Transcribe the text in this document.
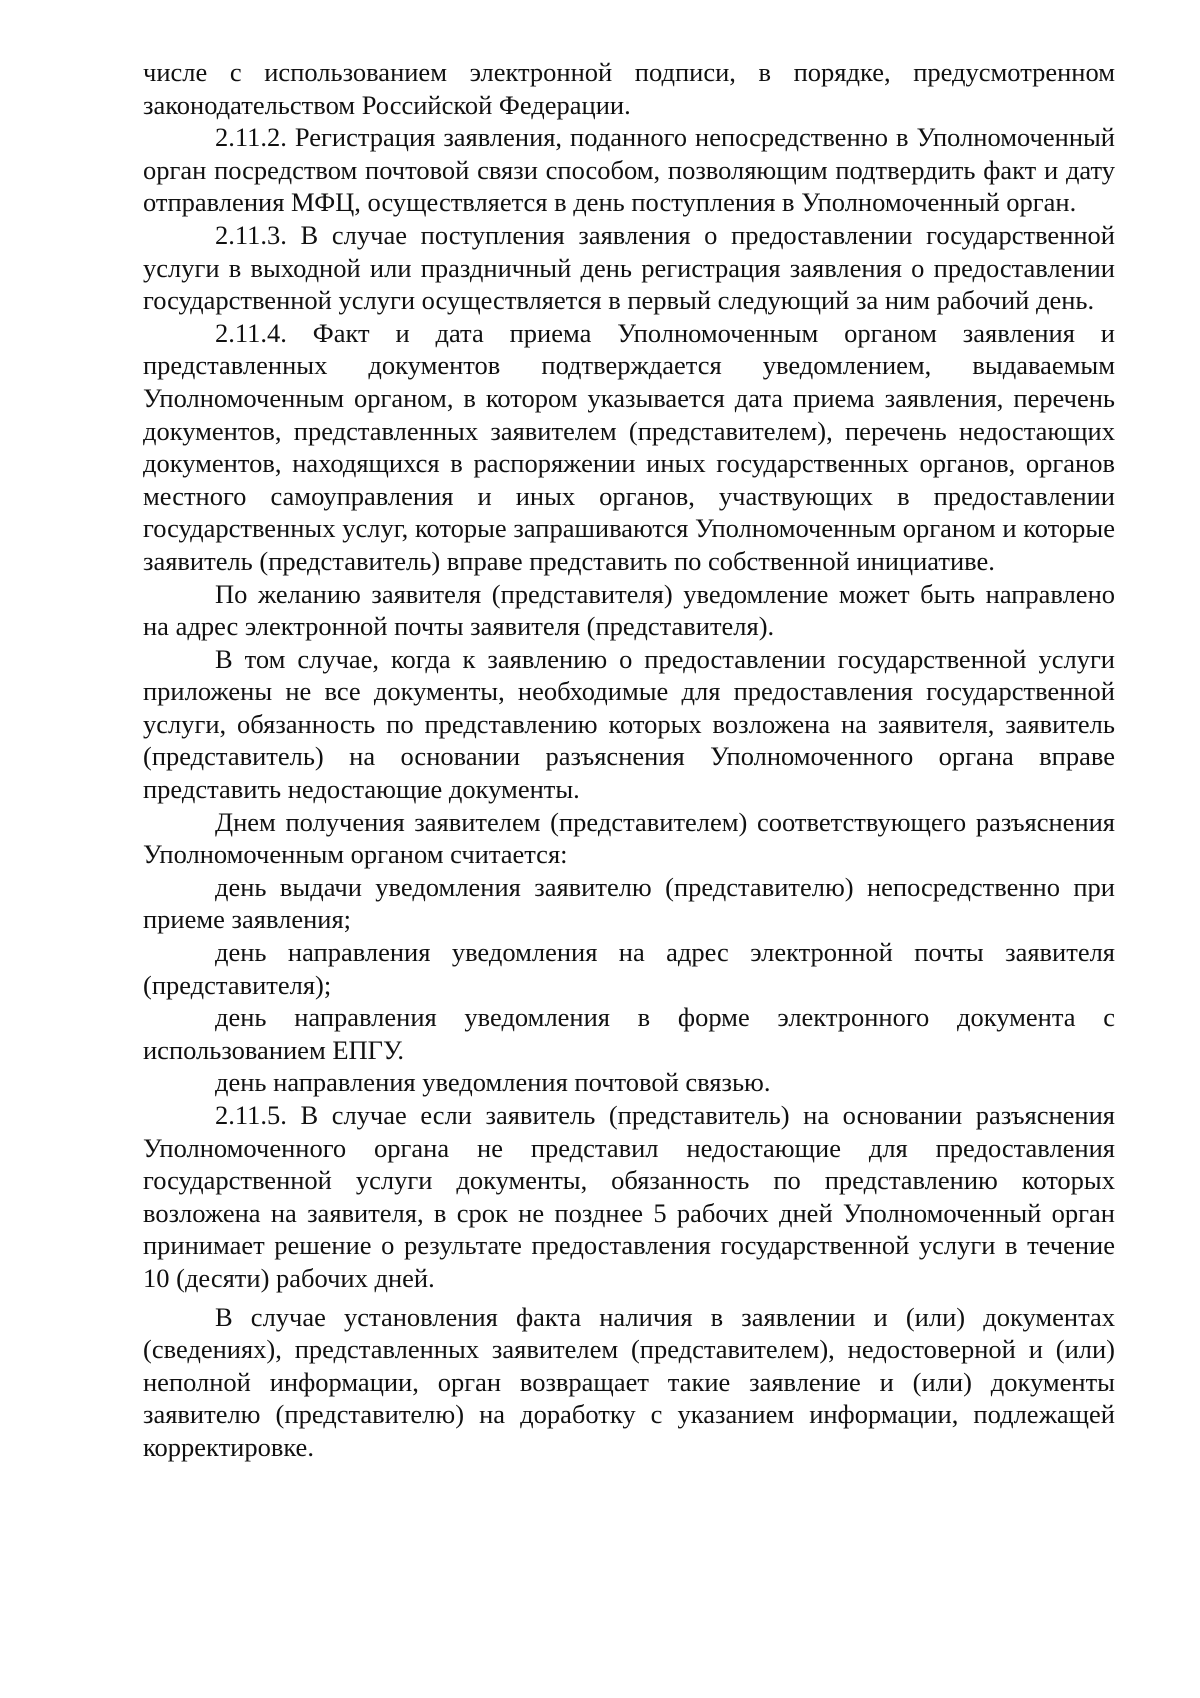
числе с использованием электронной подписи, в порядке, предусмотренном законодательством Российской Федерации.

2.11.2. Регистрация заявления, поданного непосредственно в Уполномоченный орган посредством почтовой связи способом, позволяющим подтвердить факт и дату отправления МФЦ, осуществляется в день поступления в Уполномоченный орган.

2.11.3. В случае поступления заявления о предоставлении государственной услуги в выходной или праздничный день регистрация заявления о предоставлении государственной услуги осуществляется в первый следующий за ним рабочий день.

2.11.4. Факт и дата приема Уполномоченным органом заявления и представленных документов подтверждается уведомлением, выдаваемым Уполномоченным органом, в котором указывается дата приема заявления, перечень документов, представленных заявителем (представителем), перечень недостающих документов, находящихся в распоряжении иных государственных органов, органов местного самоуправления и иных органов, участвующих в предоставлении государственных услуг, которые запрашиваются Уполномоченным органом и которые заявитель (представитель) вправе представить по собственной инициативе.

По желанию заявителя (представителя) уведомление может быть направлено на адрес электронной почты заявителя (представителя).

В том случае, когда к заявлению о предоставлении государственной услуги приложены не все документы, необходимые для предоставления государственной услуги, обязанность по представлению которых возложена на заявителя, заявитель (представитель) на основании разъяснения Уполномоченного органа вправе представить недостающие документы.

Днем получения заявителем (представителем) соответствующего разъяснения Уполномоченным органом считается:

день выдачи уведомления заявителю (представителю) непосредственно при приеме заявления;

день направления уведомления на адрес электронной почты заявителя (представителя);

день направления уведомления в форме электронного документа с использованием ЕПГУ.

день направления уведомления почтовой связью.

2.11.5. В случае если заявитель (представитель) на основании разъяснения Уполномоченного органа не представил недостающие для предоставления государственной услуги документы, обязанность по представлению которых возложена на заявителя, в срок не позднее 5 рабочих дней Уполномоченный орган принимает решение о результате предоставления государственной услуги в течение 10 (десяти) рабочих дней.

В случае установления факта наличия в заявлении и (или) документах (сведениях), представленных заявителем (представителем), недостоверной и (или) неполной информации, орган возвращает такие заявление и (или) документы заявителю (представителю) на доработку с указанием информации, подлежащей корректировке.
